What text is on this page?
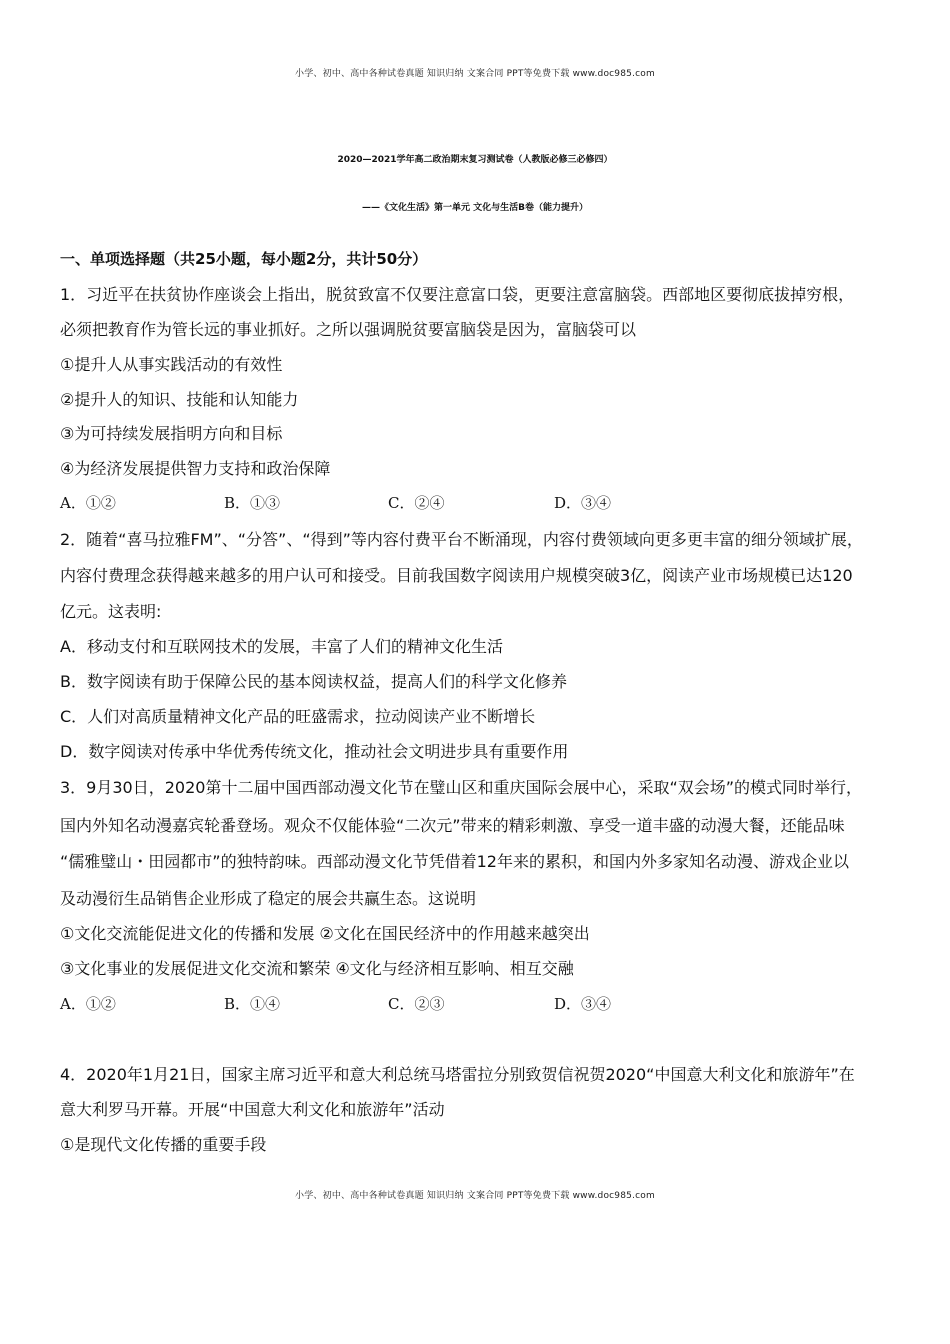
小学、初中、高中各种试卷真题 知识归纳 文案合同 PPT等免费下载 www.doc985.com
2020—2021学年高二政治期末复习测试卷（人教版必修三必修四）
——《文化生活》第一单元 文化与生活B卷（能力提升）
一、单项选择题（共25小题，每小题2分，共计50分）
1．习近平在扶贫协作座谈会上指出，脱贫致富不仅要注意富口袋，更要注意富脑袋。西部地区要彻底拔掉穷根，
必须把教育作为管长远的事业抓好。之所以强调脱贫要富脑袋是因为，富脑袋可以
①提升人从事实践活动的有效性
②提升人的知识、技能和认知能力
③为可持续发展指明方向和目标
④为经济发展提供智力支持和政治保障
A．①②	B．①③	C．②④	D．③④
2．随着“喜马拉雅FM”、“分答”、“得到”等内容付费平台不断涌现，内容付费领域向更多更丰富的细分领域扩展，
内容付费理念获得越来越多的用户认可和接受。目前我国数字阅读用户规模突破3亿，阅读产业市场规模已达120
亿元。这表明:
A．移动支付和互联网技术的发展，丰富了人们的精神文化生活
B．数字阅读有助于保障公民的基本阅读权益，提高人们的科学文化修养
C．人们对高质量精神文化产品的旺盛需求，拉动阅读产业不断增长
D．数字阅读对传承中华优秀传统文化，推动社会文明进步具有重要作用
3．9月30日，2020第十二届中国西部动漫文化节在璧山区和重庆国际会展中心，采取“双会场”的模式同时举行，
国内外知名动漫嘉宾轮番登场。观众不仅能体验“二次元”带来的精彩刺激、享受一道丰盛的动漫大餐，还能品味
“儒雅璧山・田园都市”的独特韵味。西部动漫文化节凭借着12年来的累积，和国内外多家知名动漫、游戏企业以
及动漫衍生品销售企业形成了稳定的展会共赢生态。这说明
①文化交流能促进文化的传播和发展 ②文化在国民经济中的作用越来越突出
③文化事业的发展促进文化交流和繁荣 ④文化与经济相互影响、相互交融
A．①②	B．①④	C．②③	D．③④
4．2020年1月21日，国家主席习近平和意大利总统马塔雷拉分别致贺信祝贺2020“中国意大利文化和旅游年”在
意大利罗马开幕。开展“中国意大利文化和旅游年”活动
①是现代文化传播的重要手段
小学、初中、高中各种试卷真题 知识归纳 文案合同 PPT等免费下载 www.doc985.com
